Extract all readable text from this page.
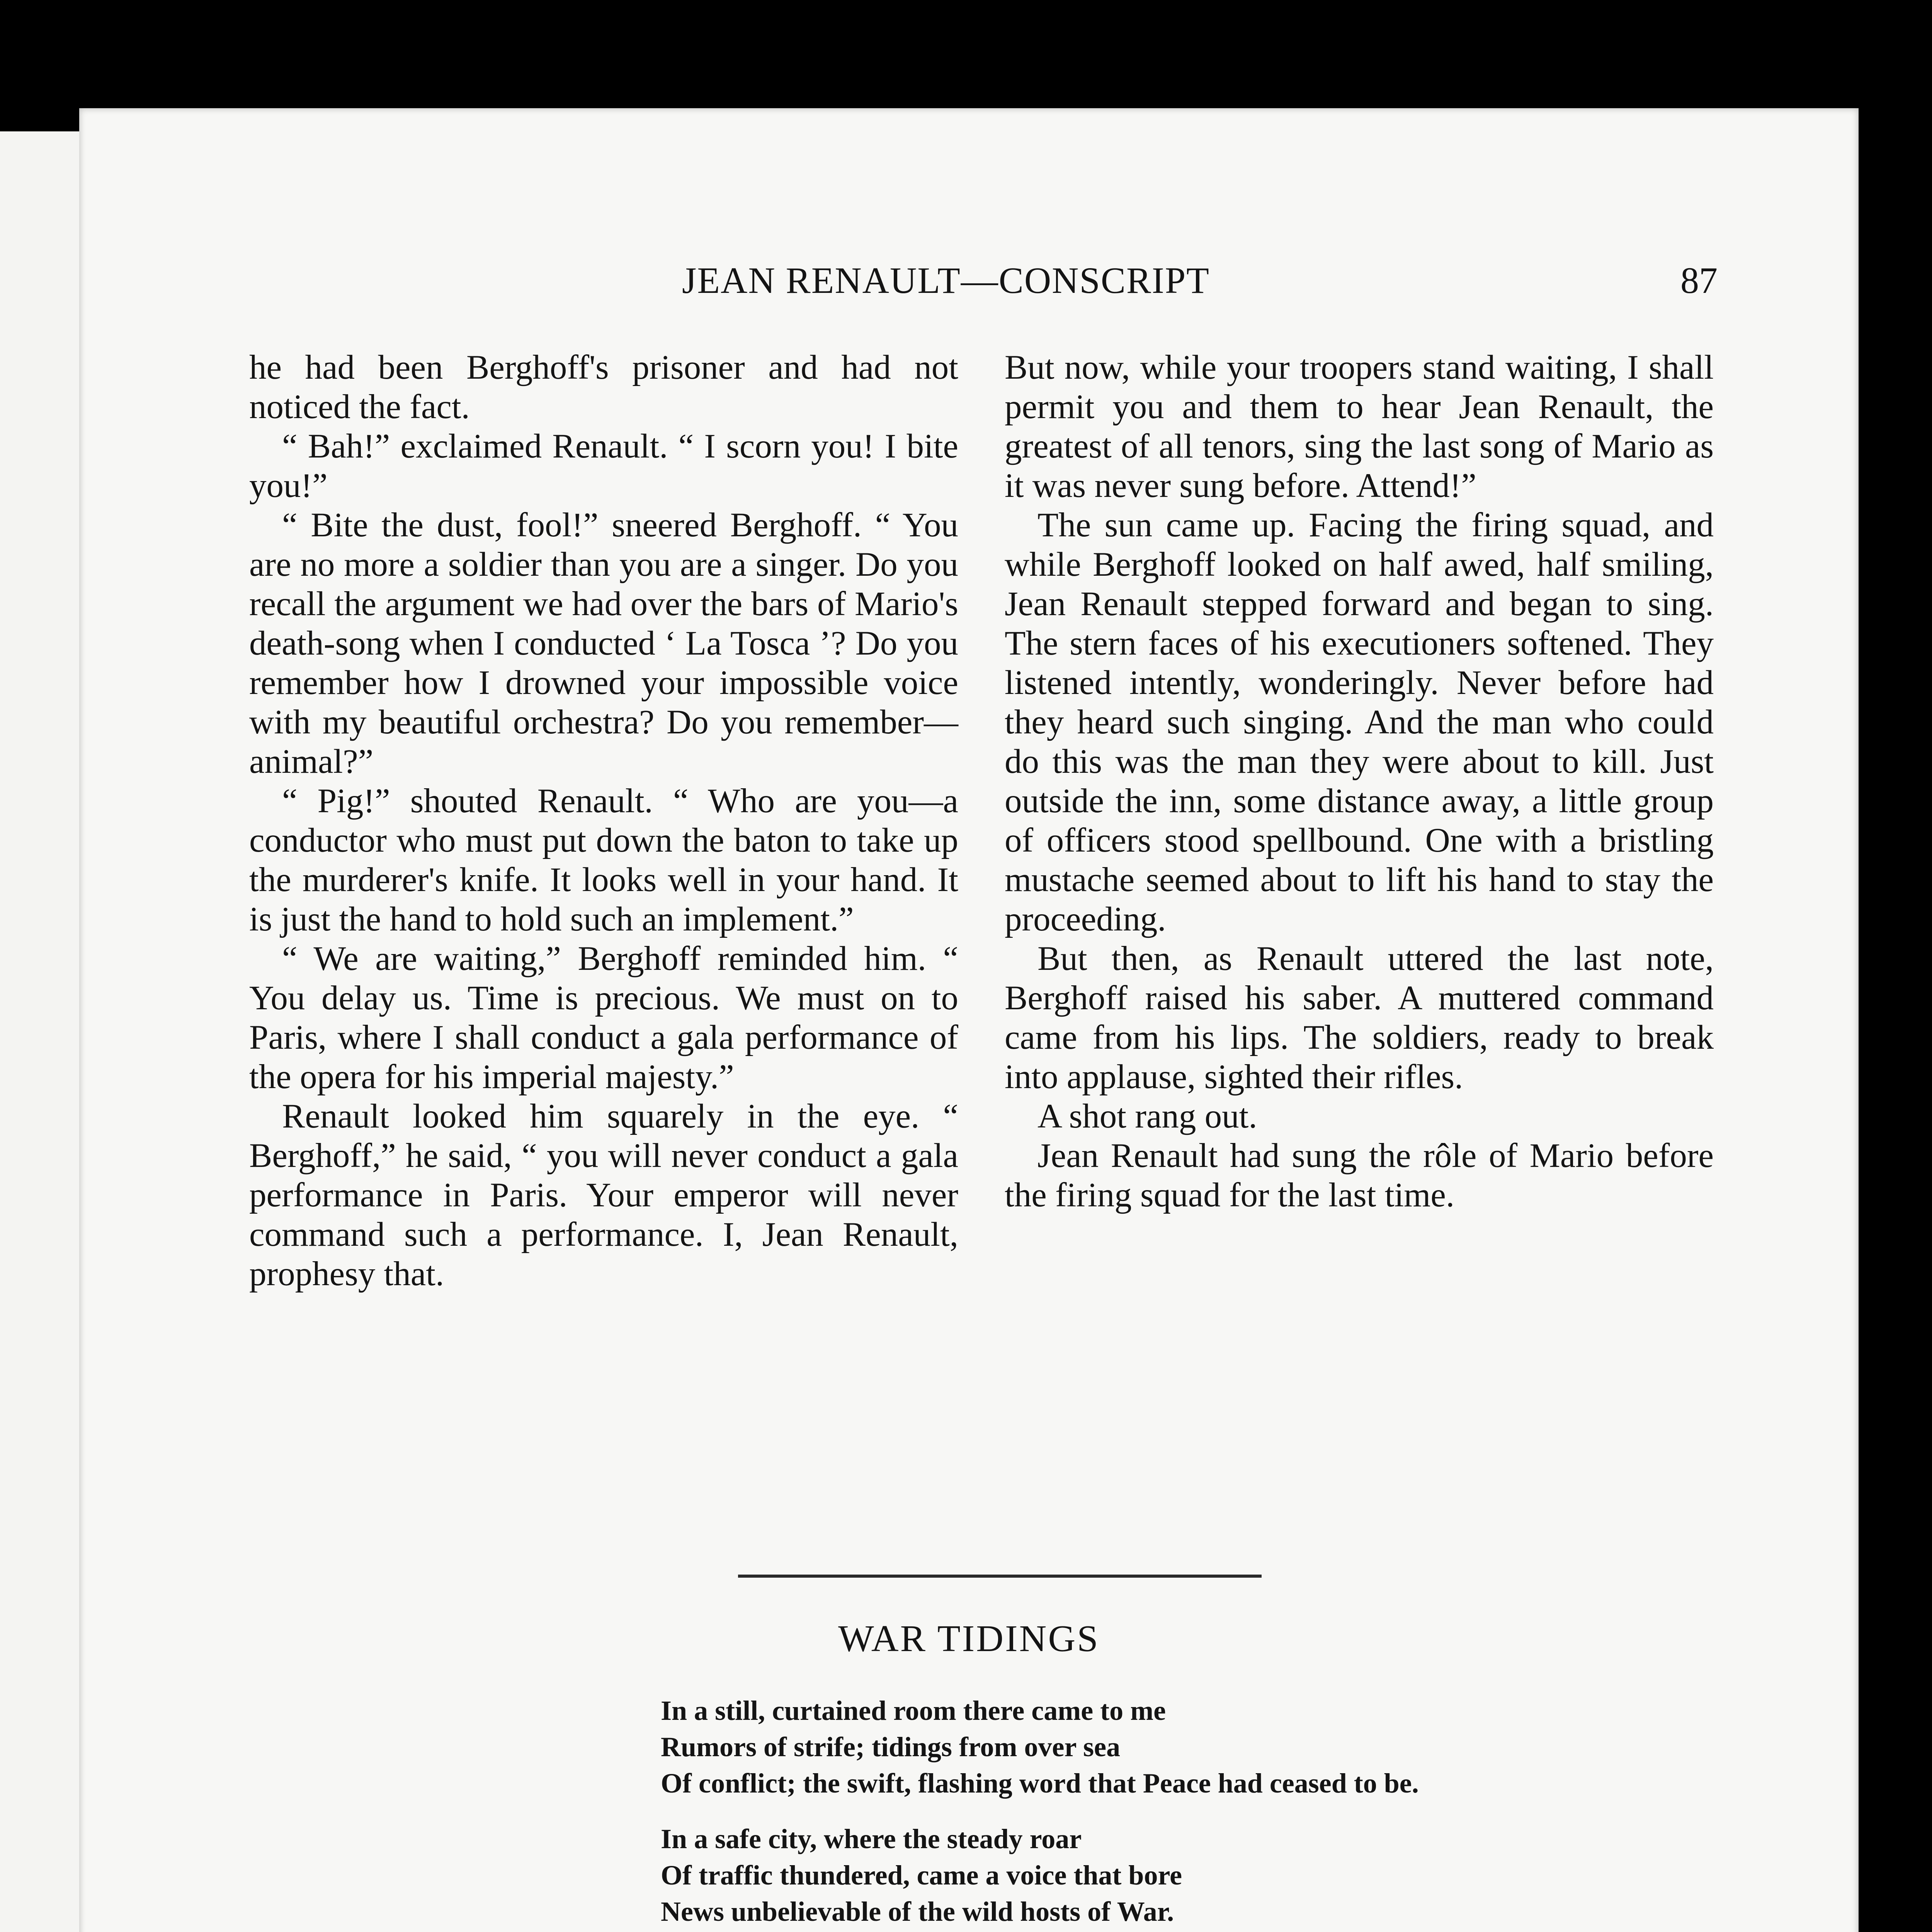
JEAN RENAULT—CONSCRIPT	87

he had been Berghoff's prisoner and had not noticed the fact.

“ Bah!” exclaimed Renault. “ I scorn you! I bite you!”

“ Bite the dust, fool!” sneered Berghoff. “ You are no more a soldier than you are a singer. Do you recall the argument we had over the bars of Mario's death-song when I conducted ‘ La Tosca ’? Do you remember how I drowned your impossible voice with my beautiful orchestra? Do you remember—animal?”

“ Pig!” shouted Renault. “ Who are you—a conductor who must put down the baton to take up the murderer's knife. It looks well in your hand. It is just the hand to hold such an implement.”

“ We are waiting,” Berghoff reminded him. “ You delay us. Time is precious. We must on to Paris, where I shall conduct a gala performance of the opera for his imperial majesty.”

Renault looked him squarely in the eye. “ Berghoff,” he said, “ you will never conduct a gala performance in Paris. Your emperor will never command such a performance. I, Jean Renault, prophesy that.

But now, while your troopers stand waiting, I shall permit you and them to hear Jean Renault, the greatest of all tenors, sing the last song of Mario as it was never sung before. Attend!”

The sun came up. Facing the firing squad, and while Berghoff looked on half awed, half smiling, Jean Renault stepped forward and began to sing. The stern faces of his executioners softened. They listened intently, wonderingly. Never before had they heard such singing. And the man who could do this was the man they were about to kill. Just outside the inn, some distance away, a little group of officers stood spellbound. One with a bristling mustache seemed about to lift his hand to stay the proceeding.

But then, as Renault uttered the last note, Berghoff raised his saber. A muttered command came from his lips. The soldiers, ready to break into applause, sighted their rifles.

A shot rang out.

Jean Renault had sung the rôle of Mario before the firing squad for the last time.

WAR TIDINGS
In a still, curtained room there came to me
Rumors of strife; tidings from over sea
Of conflict; the swift, flashing word that Peace had ceased to be.
In a safe city, where the steady roar
Of traffic thundered, came a voice that bore
News unbelievable of the wild hosts of War.
